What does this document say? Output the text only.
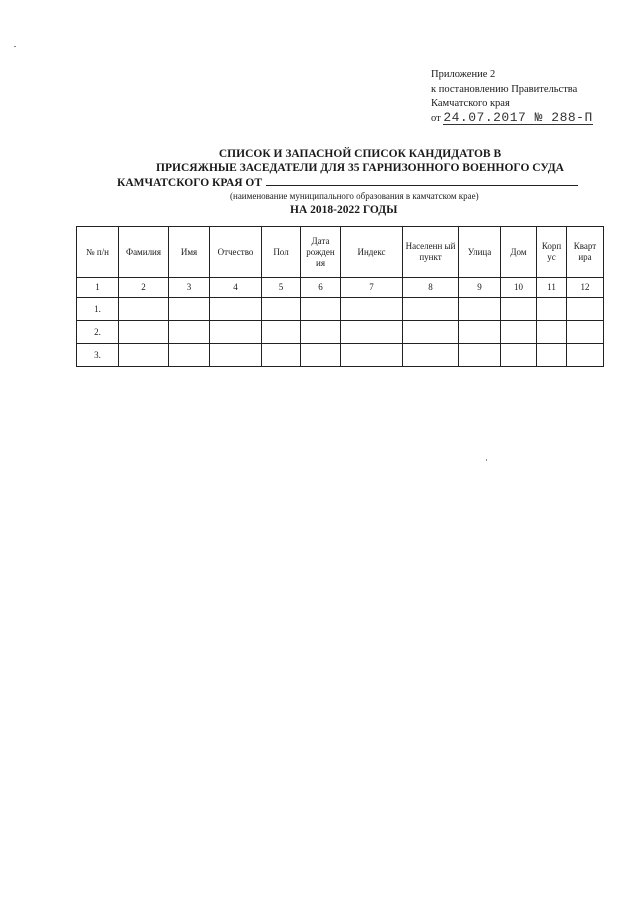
Приложение 2
к постановлению Правительства
Камчатского края
от 24.07.2017 № 288-П
СПИСОК И ЗАПАСНОЙ СПИСОК КАНДИДАТОВ В
ПРИСЯЖНЫЕ ЗАСЕДАТЕЛИ ДЛЯ 35 ГАРНИЗОННОГО ВОЕННОГО СУДА
КАМЧАТСКОГО КРАЯ ОТ
(наименование муниципального образования в камчатском крае)
НА 2018-2022 ГОДЫ
№ п/н	Фамилия	Имя	Отчество	Пол	Дата рожден ия	Индекс	Населенн ый пункт	Улица	Дом	Корп ус	Кварт ира
1	2	3	4	5	6	7	8	9	10	11	12
1.											
2.											
3.											
